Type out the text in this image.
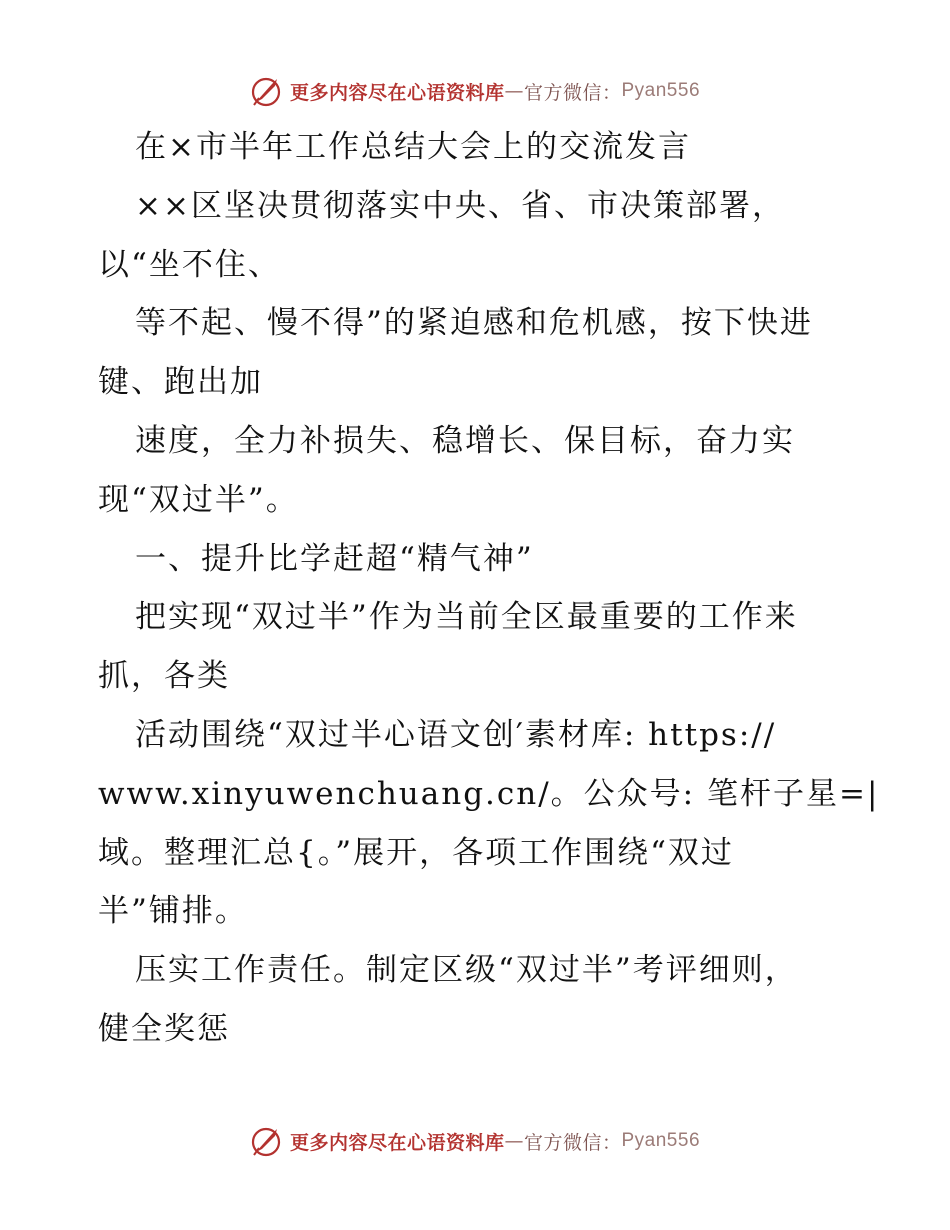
更多内容尽在心语资料库 — 官方微信： Pyan556
在×市半年工作总结大会上的交流发言
××区坚决贯彻落实中央、省、市决策部署，
以“坐不住、
等不起、慢不得”的紧迫感和危机感，按下快进
键、跑出加
速度，全力补损失、稳增长、保目标，奋力实
现“双过半”。
一、提升比学赶超“精气神”
把实现“双过半”作为当前全区最重要的工作来
抓，各类
活动围绕“双过半心语文创′素材库: https://
www.xinyuwenchuang.cn/。公众号: 笔杆子星=|
域。整理汇总{。”展开，各项工作围绕“双过
半”铺排。
压实工作责任。制定区级“双过半”考评细则，
健全奖惩
更多内容尽在心语资料库 — 官方微信： Pyan556
